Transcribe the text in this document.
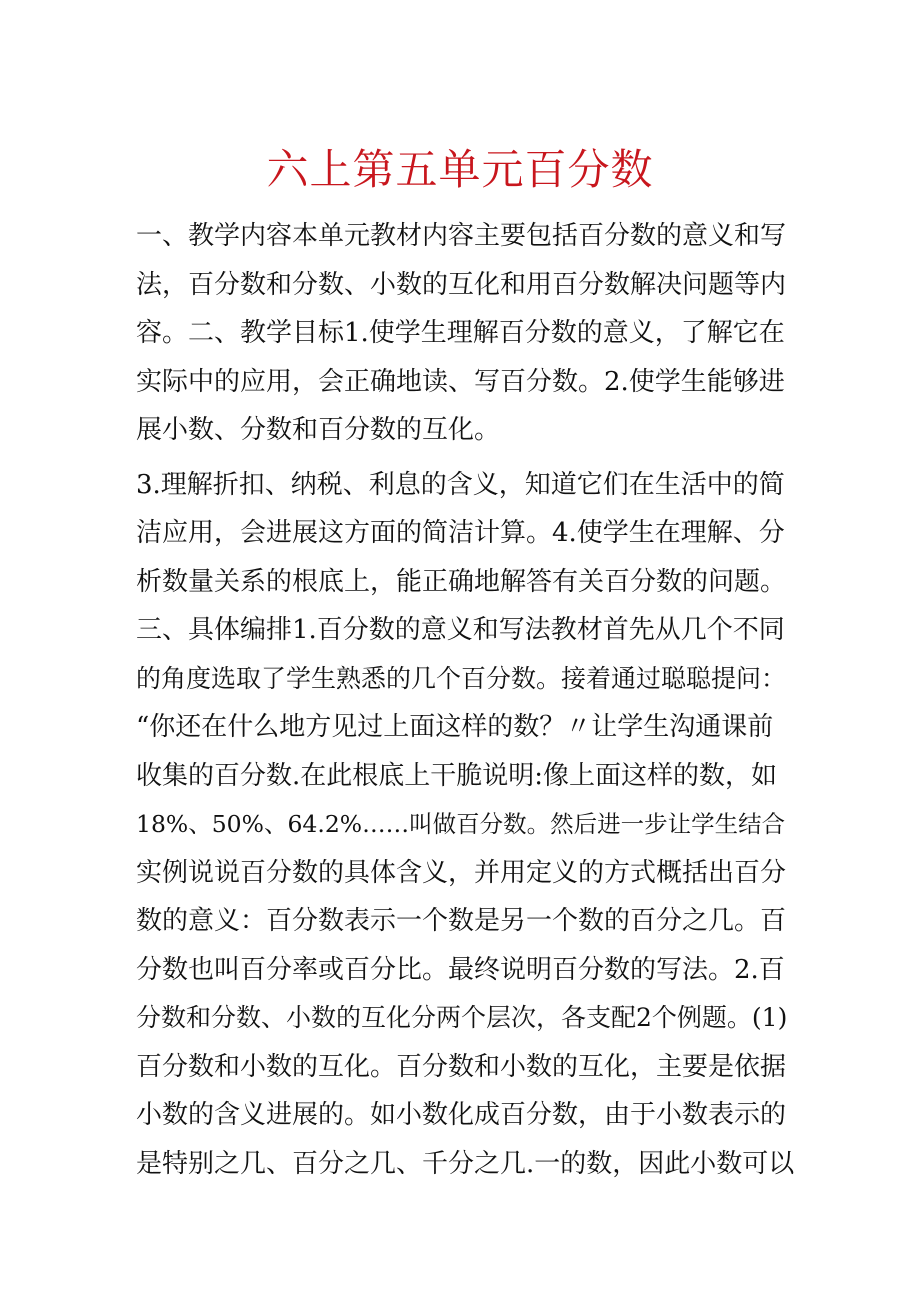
六上第五单元百分数
一、教学内容本单元教材内容主要包括百分数的意义和写
法，百分数和分数、小数的互化和用百分数解决问题等内
容。二、教学目标1.使学生理解百分数的意义，了解它在
实际中的应用，会正确地读、写百分数。2.使学生能够进
展小数、分数和百分数的互化。
3.理解折扣、纳税、利息的含义，知道它们在生活中的简
洁应用，会进展这方面的简洁计算。4.使学生在理解、分
析数量关系的根底上，能正确地解答有关百分数的问题。
三、具体编排1.百分数的意义和写法教材首先从几个不同
的角度选取了学生熟悉的几个百分数。接着通过聪聪提问：
“你还在什么地方见过上面这样的数？〃让学生沟通课前
收集的百分数.在此根底上干脆说明:像上面这样的数，如
18%、50%、64.2%……叫做百分数。然后进一步让学生结合
实例说说百分数的具体含义，并用定义的方式概括出百分
数的意义：百分数表示一个数是另一个数的百分之几。百
分数也叫百分率或百分比。最终说明百分数的写法。2.百
分数和分数、小数的互化分两个层次，各支配2个例题。(1)
百分数和小数的互化。百分数和小数的互化，主要是依据
小数的含义进展的。如小数化成百分数，由于小数表示的
是特别之几、百分之几、千分之几.一的数，因此小数可以
